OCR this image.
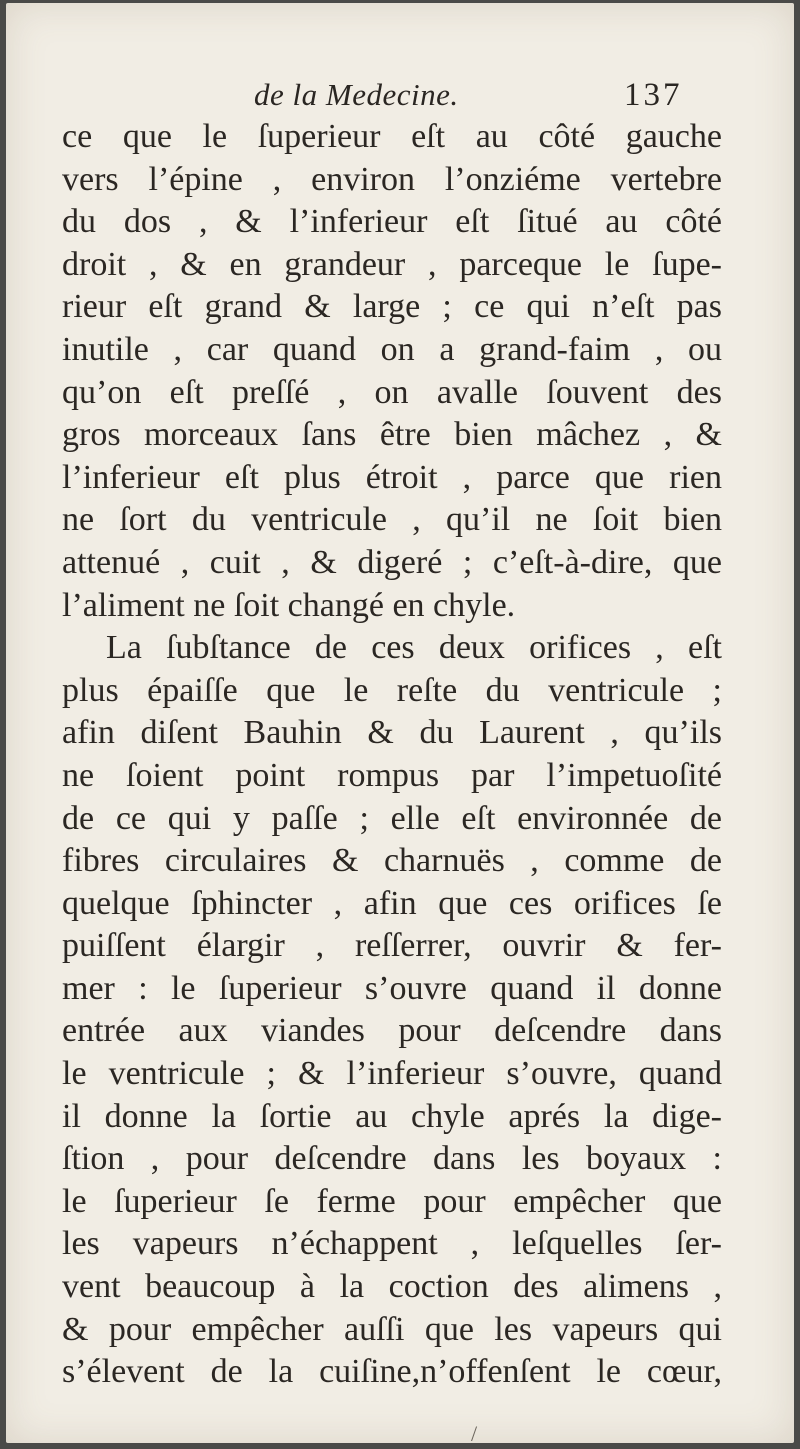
de la Medecine.	137
ce que le ſuperieur eſt au côté gauche
vers l’épine , environ l’onziéme vertebre
du dos , & l’inferieur eſt ſitué au côté
droit , & en grandeur , parceque le ſupe-
rieur eſt grand & large ; ce qui n’eſt pas
inutile , car quand on a grand-faim , ou
qu’on eſt preſſé , on avalle ſouvent des
gros morceaux ſans être bien mâchez , &
l’inferieur eſt plus étroit , parce que rien
ne ſort du ventricule , qu’il ne ſoit bien
attenué , cuit , & digeré ; c’eſt-à-dire, que
l’aliment ne ſoit changé en chyle.
La ſubſtance de ces deux orifices , eſt
plus épaiſſe que le reſte du ventricule ;
afin diſent Bauhin & du Laurent , qu’ils
ne ſoient point rompus par l’impetuoſité
de ce qui y paſſe ; elle eſt environnée de
fibres circulaires & charnuës , comme de
quelque ſphincter , afin que ces orifices ſe
puiſſent élargir , reſſerrer, ouvrir & fer-
mer : le ſuperieur s’ouvre quand il donne
entrée aux viandes pour deſcendre dans
le ventricule ; & l’inferieur s’ouvre, quand
il donne la ſortie au chyle aprés la dige-
ſtion , pour deſcendre dans les boyaux :
le ſuperieur ſe ferme pour empêcher que
les vapeurs n’échappent , leſquelles ſer-
vent beaucoup à la coction des alimens ,
& pour empêcher auſſi que les vapeurs qui
s’élevent de la cuiſine,n’offenſent le cœur,
/
